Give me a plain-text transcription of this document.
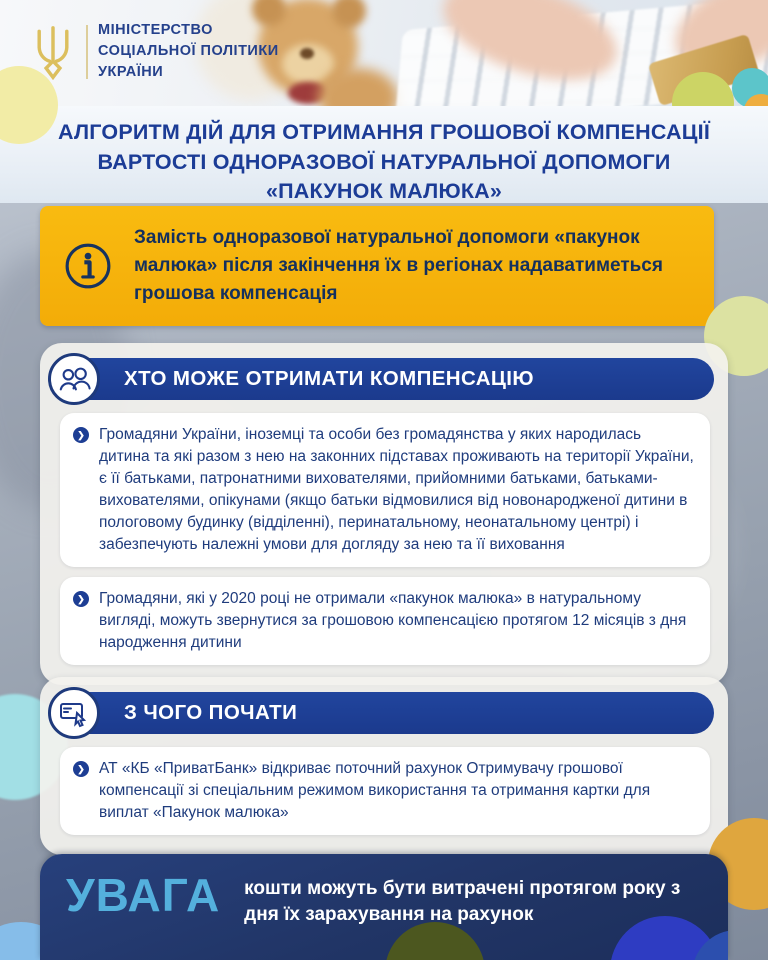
МІНІСТЕРСТВО
СОЦІАЛЬНОЇ ПОЛІТИКИ
УКРАЇНИ
АЛГОРИТМ ДІЙ ДЛЯ ОТРИМАННЯ ГРОШОВОЇ КОМПЕНСАЦІЇ ВАРТОСТІ ОДНОРАЗОВОЇ НАТУРАЛЬНОЇ ДОПОМОГИ «ПАКУНОК МАЛЮКА»

Замість одноразової натуральної допомоги «пакунок малюка» після закінчення їх в регіонах надаватиметься грошова компенсація

ХТО МОЖЕ ОТРИМАТИ КОМПЕНСАЦІЮ
❯

Громадяни України, іноземці та особи без громадянства у яких народилась дитина та які разом з нею на законних підставах проживають на території України, є її батьками, патронатними вихователями, прийомними батьками, батьками-вихователями, опікунами (якщо батьки відмовилися від новонародженої дитини в пологовому будинку (відділенні), перинатальному, неонатальному центрі) і забезпечують належні умови для догляду за нею та її виховання

❯

Громадяни, які у 2020 році не отримали «пакунок малюка» в натуральному вигляді, можуть звернутися за грошовою компенсацією протягом 12 місяців з дня народження дитини

З ЧОГО ПОЧАТИ
❯

АТ «КБ «ПриватБанк» відкриває поточний рахунок Отримувачу грошової компенсації зі спеціальним режимом використання та отримання картки для виплат «Пакунок малюка»

УВАГА кошти можуть бути витрачені протягом року з дня їх зарахування на рахунок
